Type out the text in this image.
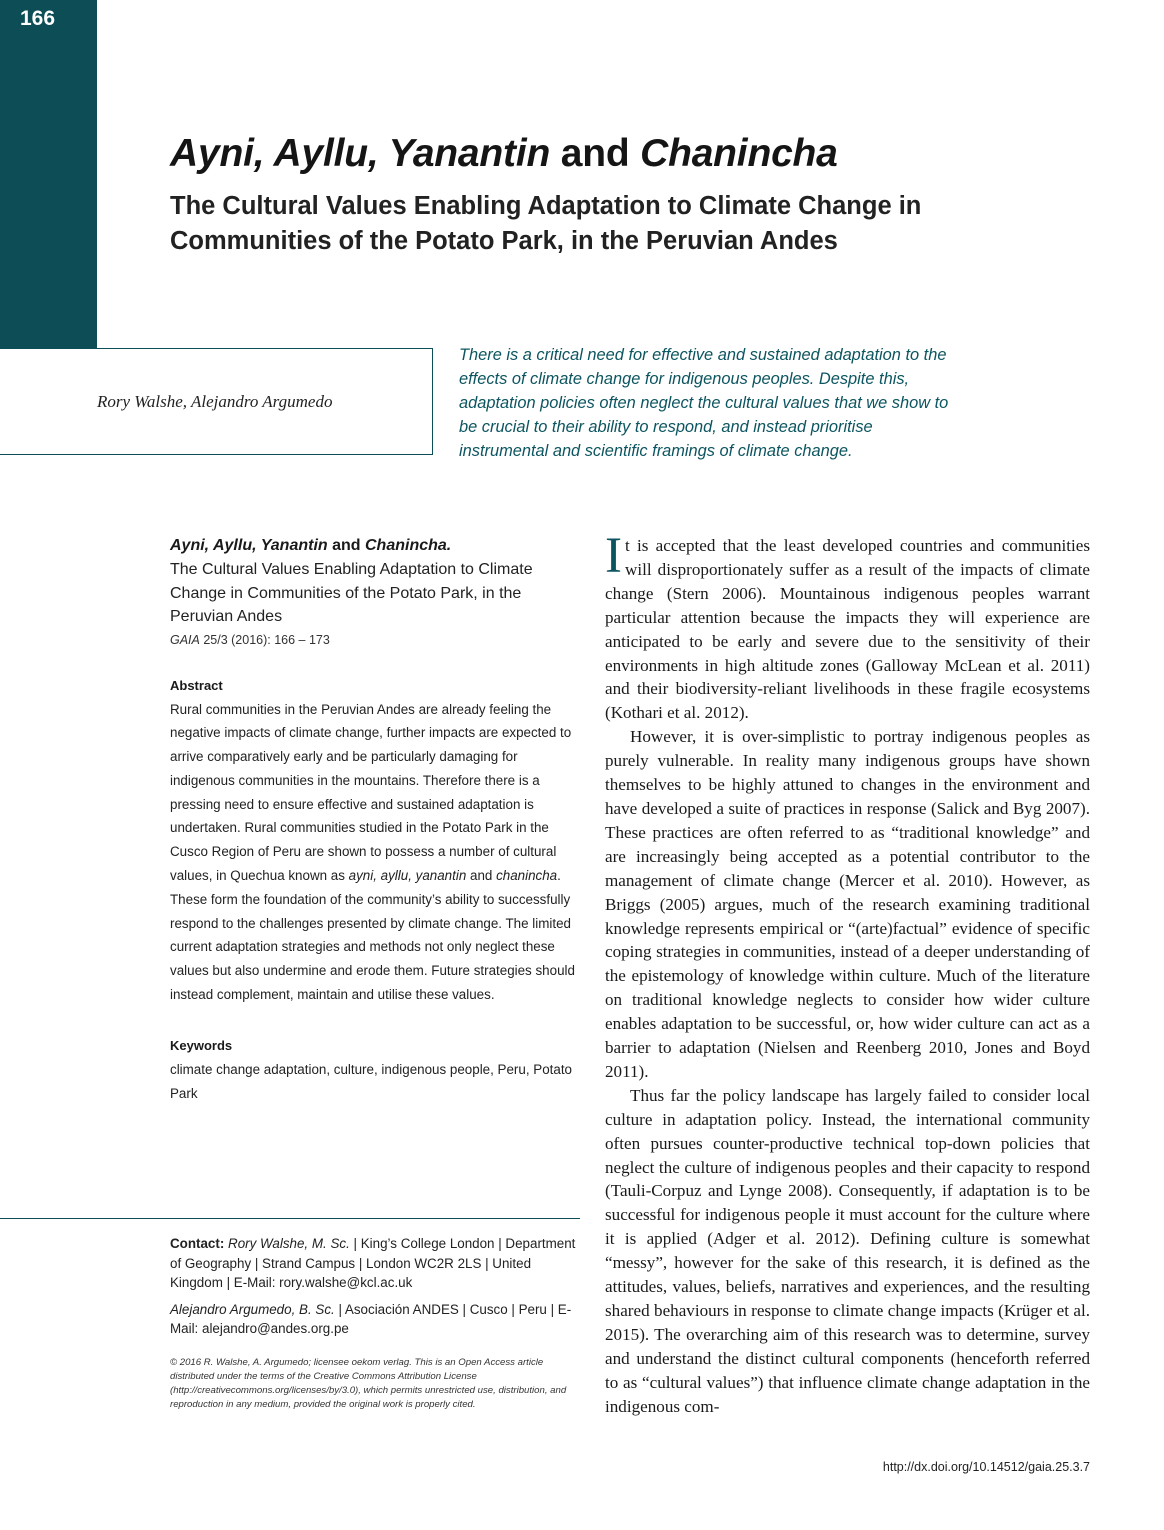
166
Ayni, Ayllu, Yanantin and Chanincha
The Cultural Values Enabling Adaptation to Climate Change in Communities of the Potato Park, in the Peruvian Andes
Rory Walshe, Alejandro Argumedo
There is a critical need for effective and sustained adaptation to the effects of climate change for indigenous peoples. Despite this, adaptation policies often neglect the cultural values that we show to be crucial to their ability to respond, and instead prioritise instrumental and scientific framings of climate change.
Ayni, Ayllu, Yanantin and Chanincha.
The Cultural Values Enabling Adaptation to Climate Change in Communities of the Potato Park, in the Peruvian Andes
GAIA 25/3 (2016): 166 – 173
Abstract
Rural communities in the Peruvian Andes are already feeling the negative impacts of climate change, further impacts are expected to arrive comparatively early and be particularly damaging for indigenous communities in the mountains. Therefore there is a pressing need to ensure effective and sustained adaptation is undertaken. Rural communities studied in the Potato Park in the Cusco Region of Peru are shown to possess a number of cultural values, in Quechua known as ayni, ayllu, yanantin and chanincha. These form the foundation of the community’s ability to successfully respond to the challenges presented by climate change. The limited current adaptation strategies and methods not only neglect these values but also undermine and erode them. Future strategies should instead complement, maintain and utilise these values.
Keywords
climate change adaptation, culture, indigenous people, Peru, Potato Park

Contact: Rory Walshe, M. Sc. | King’s College London | Department of Geography | Strand Campus | London WC2R 2LS | United Kingdom | E-Mail: rory.walshe@kcl.ac.uk

Alejandro Argumedo, B. Sc. | Asociación ANDES | Cusco | Peru | E-Mail: alejandro@andes.org.pe

© 2016 R. Walshe, A. Argumedo; licensee oekom verlag. This is an Open Access article distributed under the terms of the Creative Commons Attribution License (http://creativecommons.org/licenses/by/3.0), which permits unrestricted use, distribution, and reproduction in any medium, provided the original work is properly cited.

It is accepted that the least developed countries and communities will disproportionately suffer as a result of the impacts of climate change (Stern 2006). Mountainous indigenous peoples warrant particular attention because the impacts they will experience are anticipated to be early and severe due to the sensitivity of their environments in high altitude zones (Galloway McLean et al. 2011) and their biodiversity-reliant livelihoods in these fragile ecosystems (Kothari et al. 2012).

However, it is over-simplistic to portray indigenous peoples as purely vulnerable. In reality many indigenous groups have shown themselves to be highly attuned to changes in the environment and have developed a suite of practices in response (Salick and Byg 2007). These practices are often referred to as “traditional knowledge” and are increasingly being accepted as a potential contributor to the management of climate change (Mercer et al. 2010). However, as Briggs (2005) argues, much of the research examining traditional knowledge represents empirical or “(arte)factual” evidence of specific coping strategies in communities, instead of a deeper understanding of the epistemology of knowledge within culture. Much of the literature on traditional knowledge neglects to consider how wider culture enables adaptation to be successful, or, how wider culture can act as a barrier to adaptation (Nielsen and Reenberg 2010, Jones and Boyd 2011).

Thus far the policy landscape has largely failed to consider local culture in adaptation policy. Instead, the international community often pursues counter-productive technical top-down policies that neglect the culture of indigenous peoples and their capacity to respond (Tauli-Corpuz and Lynge 2008). Consequently, if adaptation is to be successful for indigenous people it must account for the culture where it is applied (Adger et al. 2012). Defining culture is somewhat “messy”, however for the sake of this research, it is defined as the attitudes, values, beliefs, narratives and experiences, and the resulting shared behaviours in response to climate change impacts (Krüger et al. 2015). The overarching aim of this research was to determine, survey and understand the distinct cultural components (henceforth referred to as “cultural values”) that influence climate change adaptation in the indigenous com-

http://dx.doi.org/10.14512/gaia.25.3.7
